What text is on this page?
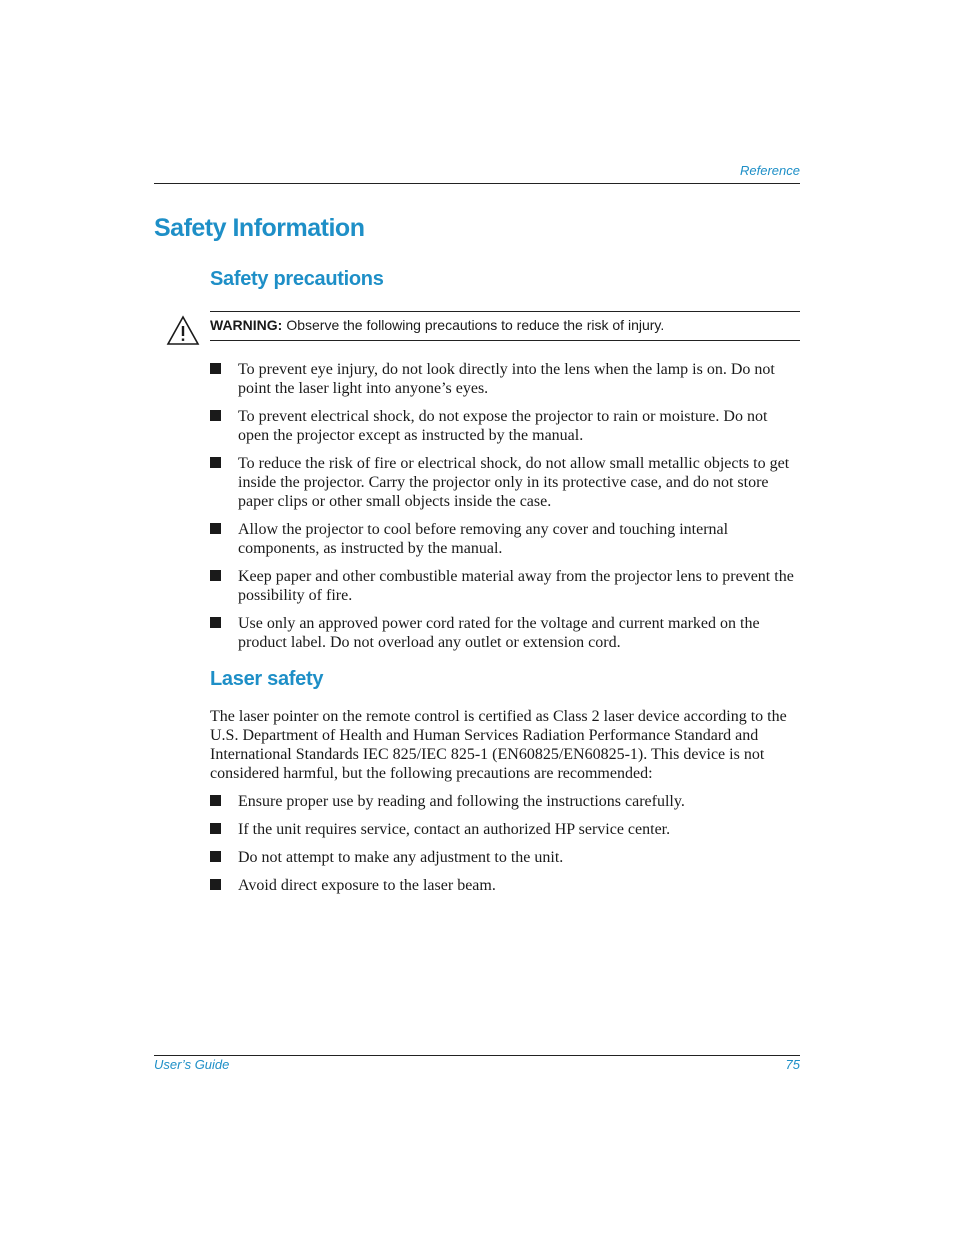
Reference
Safety Information
Safety precautions
WARNING: Observe the following precautions to reduce the risk of injury.
To prevent eye injury, do not look directly into the lens when the lamp is on. Do not point the laser light into anyone’s eyes.
To prevent electrical shock, do not expose the projector to rain or moisture. Do not open the projector except as instructed by the manual.
To reduce the risk of fire or electrical shock, do not allow small metallic objects to get inside the projector. Carry the projector only in its protective case, and do not store paper clips or other small objects inside the case.
Allow the projector to cool before removing any cover and touching internal components, as instructed by the manual.
Keep paper and other combustible material away from the projector lens to prevent the possibility of fire.
Use only an approved power cord rated for the voltage and current marked on the product label. Do not overload any outlet or extension cord.
Laser safety

The laser pointer on the remote control is certified as Class 2 laser device according to the U.S. Department of Health and Human Services Radiation Performance Standard and International Standards IEC 825/IEC 825-1 (EN60825/EN60825-1). This device is not considered harmful, but the following precautions are recommended:

Ensure proper use by reading and following the instructions carefully.
If the unit requires service, contact an authorized HP service center.
Do not attempt to make any adjustment to the unit.
Avoid direct exposure to the laser beam.
User’s Guide	75
